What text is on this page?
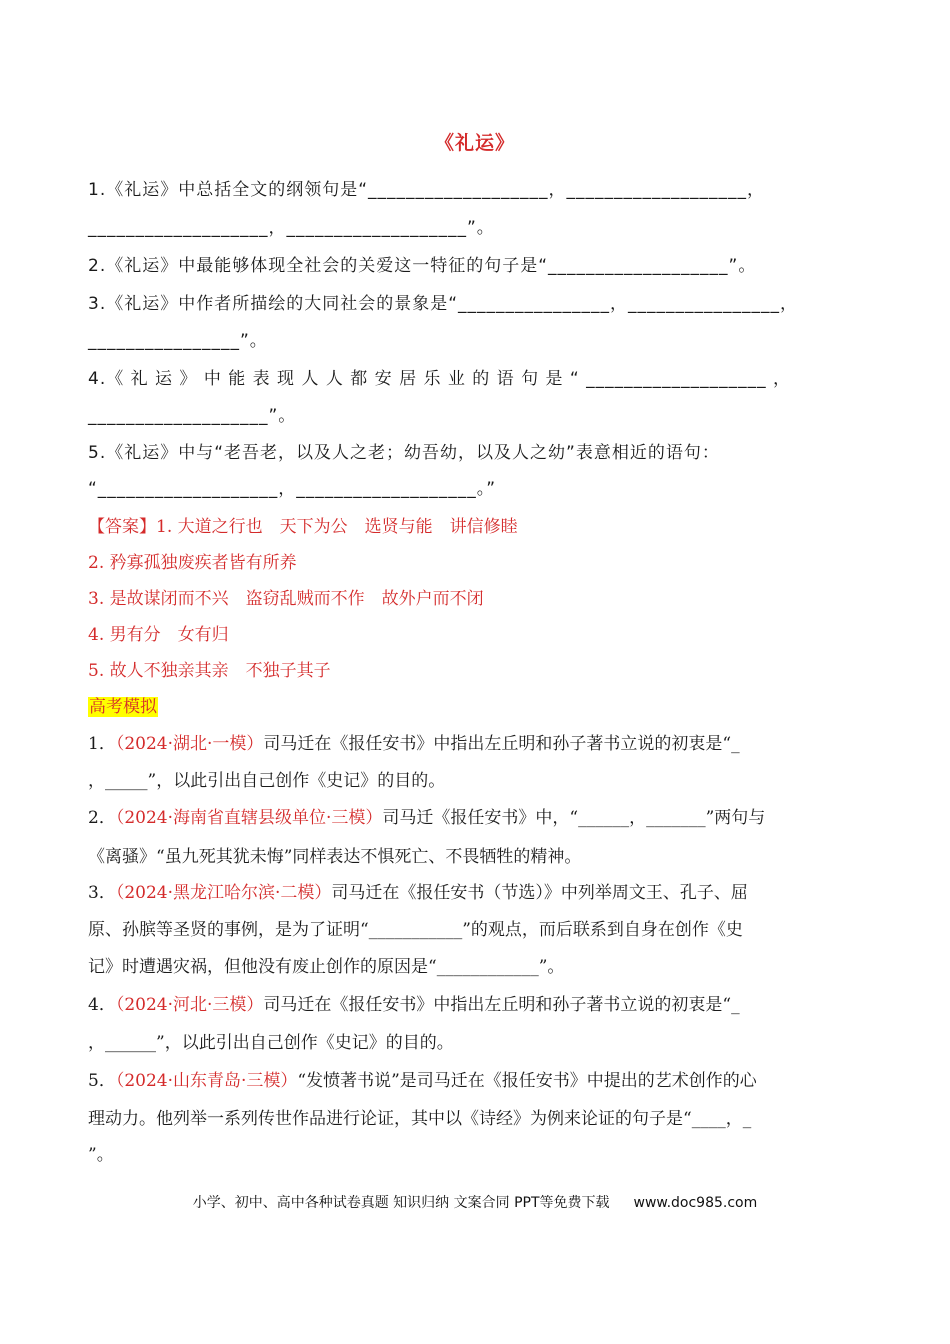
《礼运》
1.《礼运》中总括全文的纲领句是“___________________，___________________，
___________________，___________________”。
2.《礼运》中最能够体现全社会的关爱这一特征的句子是“___________________”。
3.《礼运》中作者所描绘的大同社会的景象是“________________，________________，
________________”。
4.《 礼 运 》 中 能 表 现 人 人 都 安 居 乐 业 的 语 句 是 “ ___________________ ，
___________________”。
5.《礼运》中与“老吾老，以及人之老；幼吾幼，以及人之幼”表意相近的语句：
“___________________，___________________。”
【答案】1. 大道之行也　天下为公　选贤与能　讲信修睦
2. 矜寡孤独废疾者皆有所养
3. 是故谋闭而不兴　盗窃乱贼而不作　故外户而不闭
4. 男有分　女有归
5. 故人不独亲其亲　不独子其子
高考模拟
1．（2024·湖北·一模）司马迁在《报任安书》中指出左丘明和孙子著书立说的初衷是“_
，_____”，以此引出自己创作《史记》的目的。
2．（2024·海南省直辖县级单位·三模）司马迁《报任安书》中，“______，_______”两句与
《离骚》“虽九死其犹未悔”同样表达不惧死亡、不畏牺牲的精神。
3．（2024·黑龙江哈尔滨·二模）司马迁在《报任安书（节选）》中列举周文王、孔子、屈
原、孙膑等圣贤的事例，是为了证明“___________”的观点，而后联系到自身在创作《史
记》时遭遇灾祸，但他没有废止创作的原因是“____________”。
4．（2024·河北·三模）司马迁在《报任安书》中指出左丘明和孙子著书立说的初衷是“_
，______”，以此引出自己创作《史记》的目的。
5．（2024·山东青岛·三模）“发愤著书说”是司马迁在《报任安书》中提出的艺术创作的心
理动力。他列举一系列传世作品进行论证，其中以《诗经》为例来论证的句子是“____，_
”。
小学、初中、高中各种试卷真题 知识归纳 文案合同 PPT等免费下载 www.doc985.com
